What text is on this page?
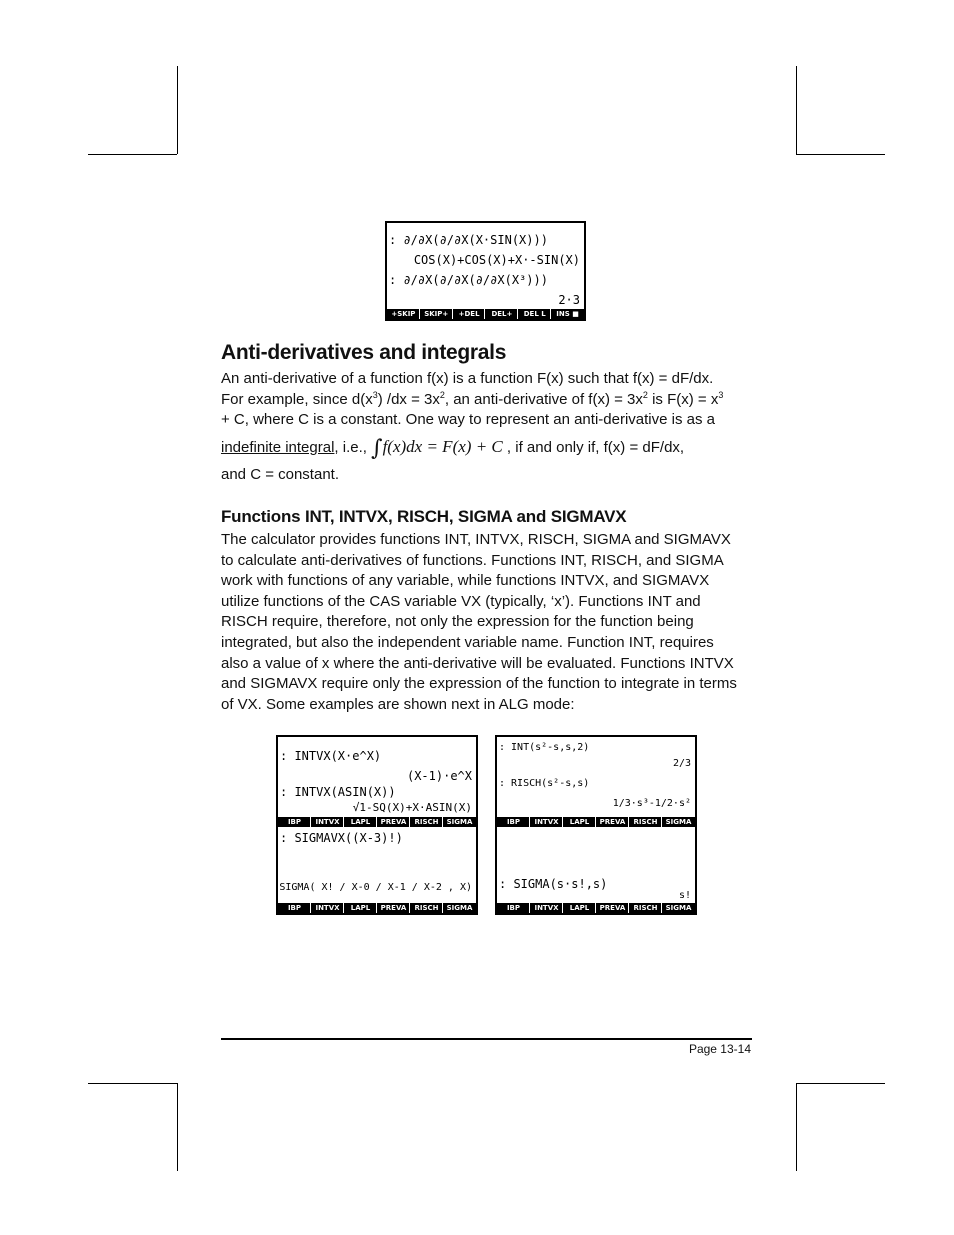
: ∂/∂X(∂/∂X(X·SIN(X)))
COS(X)+COS(X)+X·-SIN(X)
: ∂/∂X(∂/∂X(∂/∂X(X³)))
2·3
+SKIP	SKIP+	+DEL	DEL+	DEL L	INS ■
Anti-derivatives and integrals

An anti-derivative of a function f(x) is a function F(x) such that f(x) = dF/dx.
For example, since $d(x^3) /dx = 3x^2$, an anti-derivative of $f(x) = 3x^2$ is $F(x) = x^3$
+ C, where C is a constant. One way to represent an anti-derivative is as a
indefinite integral, i.e., ∫f(x)dx = F(x) + C , if and only if, f(x) = dF/dx,
and C = constant.

Functions INT, INTVX, RISCH, SIGMA and SIGMAVX

The calculator provides functions INT, INTVX, RISCH, SIGMA and SIGMAVX
to calculate anti-derivatives of functions. Functions INT, RISCH, and SIGMA
work with functions of any variable, while functions INTVX, and SIGMAVX
utilize functions of the CAS variable VX (typically, ‘x’). Functions INT and
RISCH require, therefore, not only the expression for the function being
integrated, but also the independent variable name. Function INT, requires
also a value of x where the anti-derivative will be evaluated. Functions INTVX
and SIGMAVX require only the expression of the function to integrate in terms
of VX. Some examples are shown next in ALG mode:

: INTVX(X·e^X)
(X-1)·e^X
: INTVX(ASIN(X))
√1-SQ(X)+X·ASIN(X)
IBP	INTVX	LAPL	PREVA	RISCH	SIGMA
: SIGMAVX((X-3)!)
SIGMA( X! / X-0 / X-1 / X-2 , X)
IBP	INTVX	LAPL	PREVA	RISCH	SIGMA
: INT(s²-s,s,2)
2/3
: RISCH(s²-s,s)
1/3·s³-1/2·s²
IBP	INTVX	LAPL	PREVA	RISCH	SIGMA
: SIGMA(s·s!,s)
s!
IBP	INTVX	LAPL	PREVA	RISCH	SIGMA
Page 13-14
